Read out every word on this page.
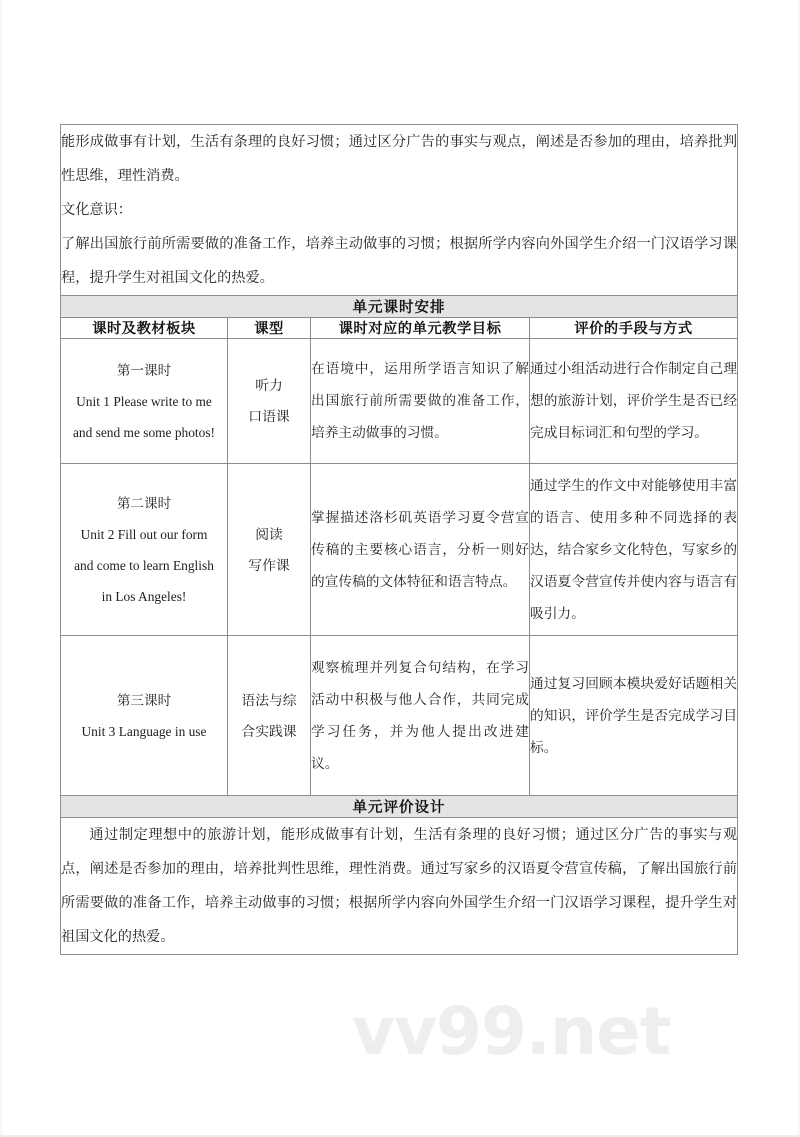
能形成做事有计划，生活有条理的良好习惯；通过区分广告的事实与观点，阐述是否参加的理由，培养批判性思维，理性消费。

文化意识：

了解出国旅行前所需要做的准备工作，培养主动做事的习惯；根据所学内容向外国学生介绍一门汉语学习课程，提升学生对祖国文化的热爱。			

单元课时安排			
课时及教材板块	课型	课时对应的单元教学目标	评价的手段与方式

第一课时
Unit 1 Please write to me
and send me some photos!	听力
口语课	在语境中，运用所学语言知识了解出国旅行前所需要做的准备工作，培养主动做事的习惯。	通过小组活动进行合作制定自己理想的旅游计划，评价学生是否已经完成目标词汇和句型的学习。

第二课时
Unit 2 Fill out our form
and come to learn English
in Los Angeles!	阅读
写作课	掌握描述洛杉矶英语学习夏令营宣传稿的主要核心语言，分析一则好的宣传稿的文体特征和语言特点。	通过学生的作文中对能够使用丰富的语言、使用多种不同选择的表达，结合家乡文化特色，写家乡的汉语夏令营宣传并使内容与语言有吸引力。

第三课时
Unit 3 Language in use	语法与综
合实践课	观察梳理并列复合句结构，在学习活动中积极与他人合作，共同完成学习任务，并为他人提出改进建议。	通过复习回顾本模块爱好话题相关的知识，评价学生是否完成学习目标。
单元评价设计			

通过制定理想中的旅游计划，能形成做事有计划，生活有条理的良好习惯；通过区分广告的事实与观点，阐述是否参加的理由，培养批判性思维，理性消费。通过写家乡的汉语夏令营宣传稿，了解出国旅行前所需要做的准备工作，培养主动做事的习惯；根据所学内容向外国学生介绍一门汉语学习课程，提升学生对祖国文化的热爱。			

vv99.net
